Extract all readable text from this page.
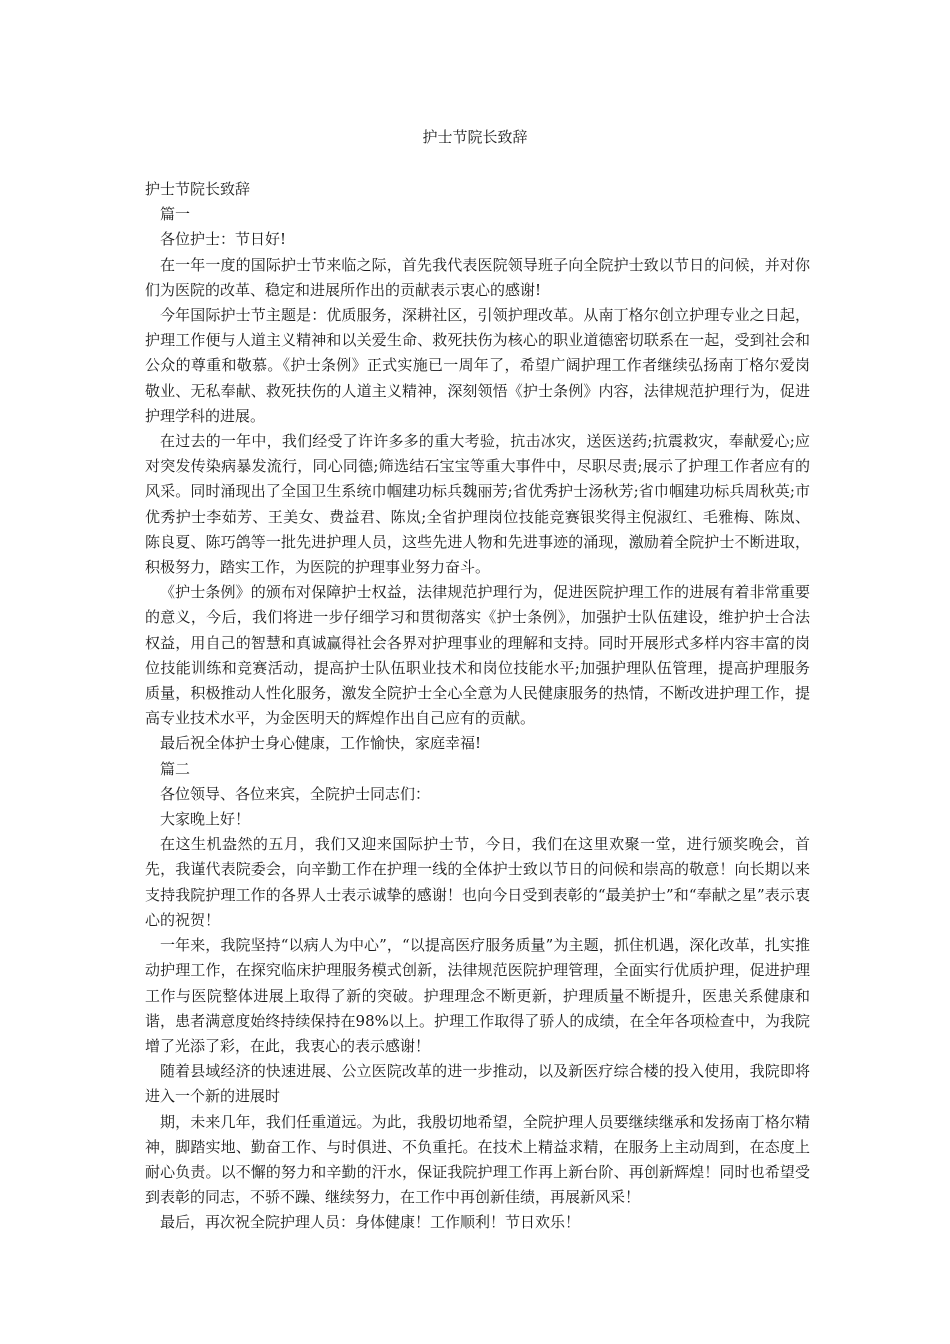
护士节院长致辞

护士节院长致辞

篇一

各位护士：节日好!

在一年一度的国际护士节来临之际，首先我代表医院领导班子向全院护士致以节日的问候，并对你们为医院的改革、稳定和进展所作出的贡献表示衷心的感谢!

今年国际护士节主题是：优质服务，深耕社区，引领护理改革。从南丁格尔创立护理专业之日起，护理工作便与人道主义精神和以关爱生命、救死扶伤为核心的职业道德密切联系在一起，受到社会和公众的尊重和敬慕。《护士条例》正式实施已一周年了，希望广阔护理工作者继续弘扬南丁格尔爱岗敬业、无私奉献、救死扶伤的人道主义精神，深刻领悟《护士条例》内容，法律规范护理行为，促进护理学科的进展。

在过去的一年中，我们经受了许许多多的重大考验，抗击冰灾，送医送药;抗震救灾，奉献爱心;应对突发传染病暴发流行，同心同德;筛选结石宝宝等重大事件中，尽职尽责;展示了护理工作者应有的风采。同时涌现出了全国卫生系统巾帼建功标兵魏丽芳;省优秀护士汤秋芳;省巾帼建功标兵周秋英;市优秀护士李茹芳、王美女、费益君、陈岚;全省护理岗位技能竞赛银奖得主倪淑红、毛雅梅、陈岚、陈良夏、陈巧鸽等一批先进护理人员，这些先进人物和先进事迹的涌现，激励着全院护士不断进取，积极努力，踏实工作，为医院的护理事业努力奋斗。

《护士条例》的颁布对保障护士权益，法律规范护理行为，促进医院护理工作的进展有着非常重要的意义，今后，我们将进一步仔细学习和贯彻落实《护士条例》，加强护士队伍建设，维护护士合法权益，用自己的智慧和真诚赢得社会各界对护理事业的理解和支持。同时开展形式多样内容丰富的岗位技能训练和竞赛活动，提高护士队伍职业技术和岗位技能水平;加强护理队伍管理，提高护理服务质量，积极推动人性化服务，激发全院护士全心全意为人民健康服务的热情，不断改进护理工作，提高专业技术水平，为金医明天的辉煌作出自己应有的贡献。

最后祝全体护士身心健康，工作愉快，家庭幸福!

篇二

各位领导、各位来宾，全院护士同志们：

大家晚上好！

在这生机盎然的五月，我们又迎来国际护士节，今日，我们在这里欢聚一堂，进行颁奖晚会，首先，我谨代表院委会，向辛勤工作在护理一线的全体护士致以节日的问候和崇高的敬意！向长期以来支持我院护理工作的各界人士表示诚挚的感谢！也向今日受到表彰的“最美护士”和“奉献之星”表示衷心的祝贺！

一年来，我院坚持“以病人为中心”，“以提高医疗服务质量”为主题，抓住机遇，深化改革，扎实推动护理工作，在探究临床护理服务模式创新，法律规范医院护理管理，全面实行优质护理，促进护理工作与医院整体进展上取得了新的突破。护理理念不断更新，护理质量不断提升，医患关系健康和谐，患者满意度始终持续保持在98%以上。护理工作取得了骄人的成绩，在全年各项检查中，为我院增了光添了彩，在此，我衷心的表示感谢！

随着县域经济的快速进展、公立医院改革的进一步推动，以及新医疗综合楼的投入使用，我院即将进入一个新的进展时

期，未来几年，我们任重道远。为此，我殷切地希望，全院护理人员要继续继承和发扬南丁格尔精神，脚踏实地、勤奋工作、与时俱进、不负重托。在技术上精益求精，在服务上主动周到，在态度上耐心负责。以不懈的努力和辛勤的汗水，保证我院护理工作再上新台阶、再创新辉煌！同时也希望受到表彰的同志，不骄不躁、继续努力，在工作中再创新佳绩，再展新风采！

最后，再次祝全院护理人员：身体健康！工作顺利！节日欢乐！
